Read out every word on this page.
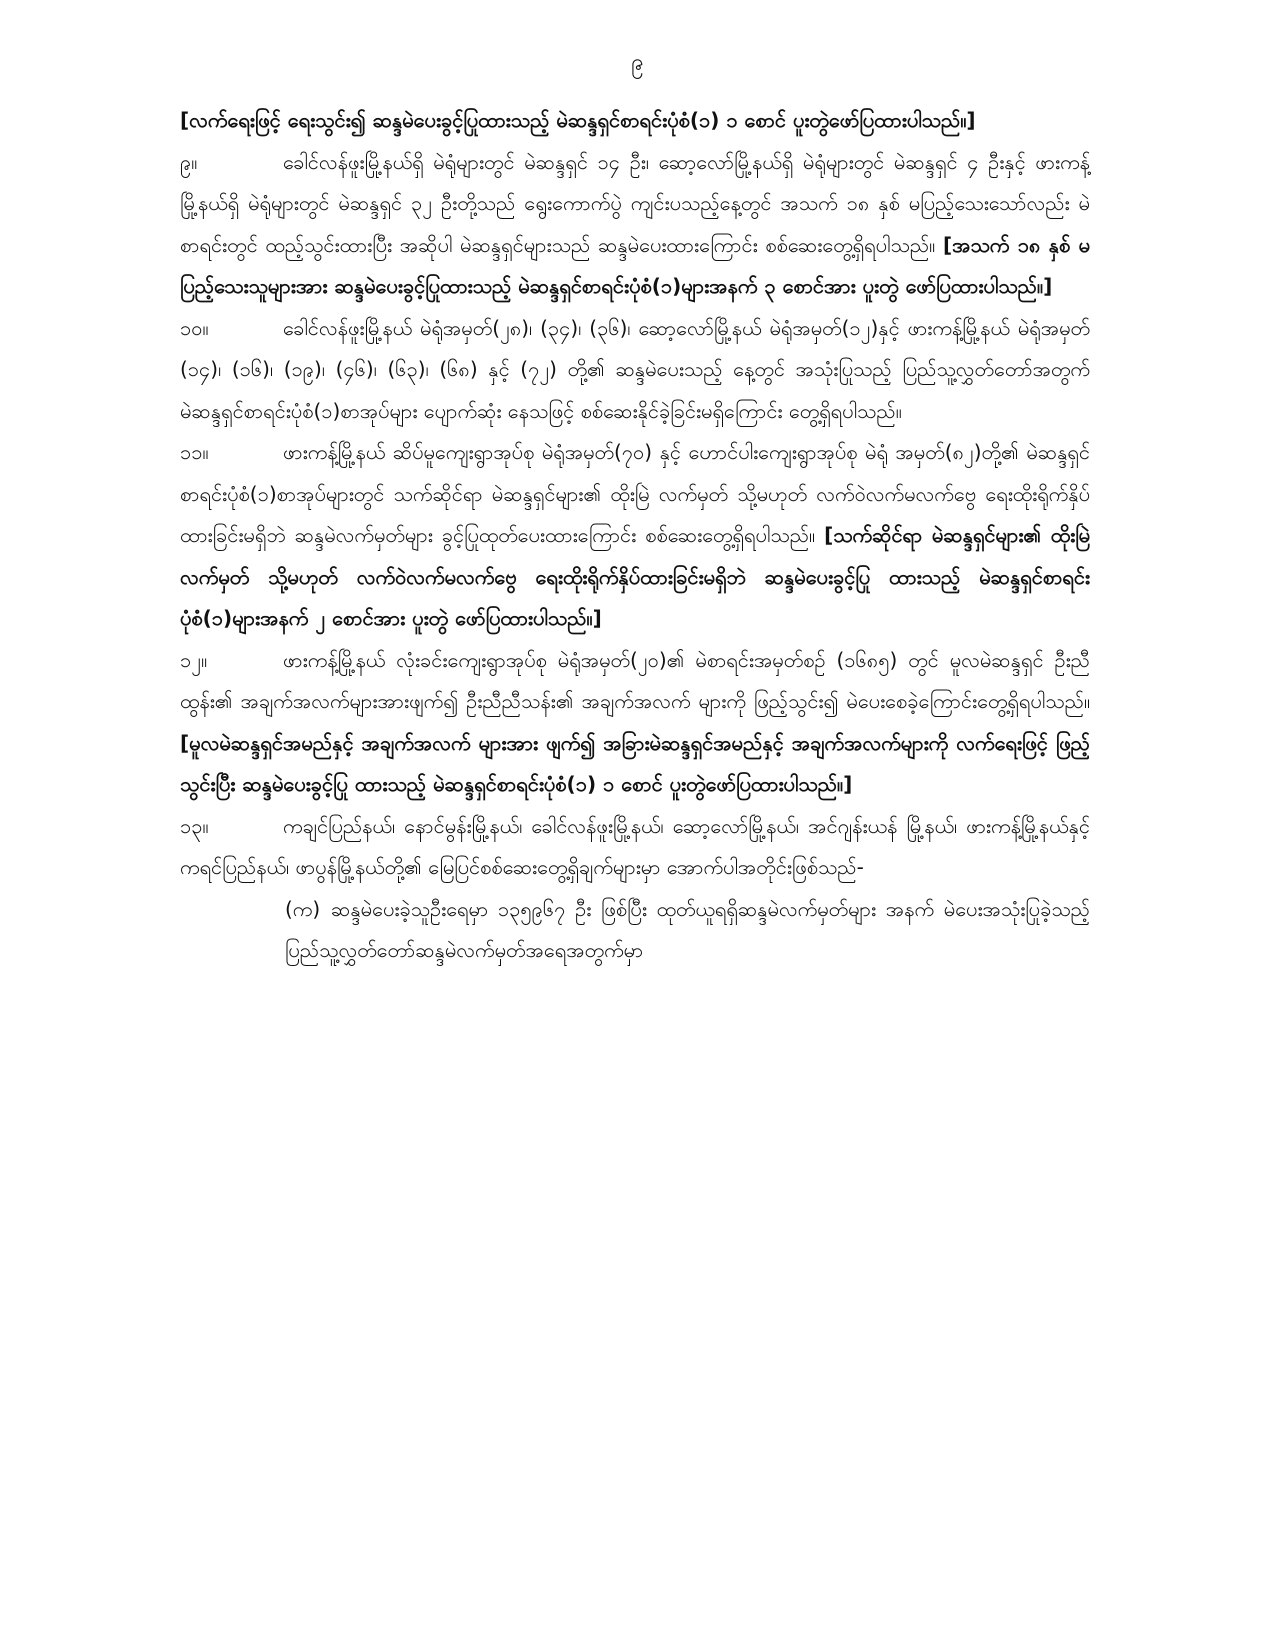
၉

[လက်ရေးဖြင့် ရေးသွင်း၍ ဆန္ဒမဲပေးခွင့်ပြုထားသည့် မဲဆန္ဒရှင်စာရင်းပုံစံ(၁) ၁ စောင် ပူးတွဲဖော်ပြထားပါသည်။]

၉။	ခေါင်လန်ဖူးမြို့နယ်ရှိ မဲရုံများတွင် မဲဆန္ဒရှင် ၁၄ ဦး၊ ဆော့လော်မြို့နယ်ရှိ မဲရုံများတွင် မဲဆန္ဒရှင် ၄ ဦးနှင့် ဖားကန့်မြို့နယ်ရှိ မဲရုံများတွင် မဲဆန္ဒရှင် ၃၂ ဦးတို့သည် ရွေးကောက်ပွဲ ကျင်းပသည့်နေ့တွင် အသက် ၁၈ နှစ် မပြည့်သေးသော်လည်း မဲစာရင်းတွင် ထည့်သွင်းထားပြီး အဆိုပါ မဲဆန္ဒရှင်များသည် ဆန္ဒမဲပေးထားကြောင်း စစ်ဆေးတွေ့ရှိရပါသည်။ [အသက် ၁၈ နှစ် မပြည့်သေးသူများအား ဆန္ဒမဲပေးခွင့်ပြုထားသည့် မဲဆန္ဒရှင်စာရင်းပုံစံ(၁)များအနက် ၃ စောင်အား ပူးတွဲ ဖော်ပြထားပါသည်။]

၁၀။	ခေါင်လန်ဖူးမြို့နယ် မဲရုံအမှတ်(၂၈)၊ (၃၄)၊ (၃၆)၊ ဆော့လော်မြို့နယ် မဲရုံအမှတ်(၁၂)နှင့် ဖားကန့်မြို့နယ် မဲရုံအမှတ် (၁၄)၊ (၁၆)၊ (၁၉)၊ (၄၆)၊ (၆၃)၊ (၆၈) နှင့် (၇၂) တို့၏ ဆန္ဒမဲပေးသည့် နေ့တွင် အသုံးပြုသည့် ပြည်သူ့လွှတ်တော်အတွက် မဲဆန္ဒရှင်စာရင်းပုံစံ(၁)စာအုပ်များ ပျောက်ဆုံး နေသဖြင့် စစ်ဆေးနိုင်ခဲ့ခြင်းမရှိကြောင်း တွေ့ရှိရပါသည်။

၁၁။	ဖားကန့်မြို့နယ် ဆိပ်မူကျေးရွာအုပ်စု မဲရုံအမှတ်(၇၀) နှင့် ဟောင်ပါးကျေးရွာအုပ်စု မဲရုံ အမှတ်(၈၂)တို့၏ မဲဆန္ဒရှင်စာရင်းပုံစံ(၁)စာအုပ်များတွင် သက်ဆိုင်ရာ မဲဆန္ဒရှင်များ၏ ထိုးမြဲ လက်မှတ် သို့မဟုတ် လက်ဝဲလက်မလက်ဗွေ ရေးထိုးရိုက်နှိပ်ထားခြင်းမရှိဘဲ ဆန္ဒမဲလက်မှတ်များ ခွင့်ပြုထုတ်ပေးထားကြောင်း စစ်ဆေးတွေ့ရှိရပါသည်။ [သက်ဆိုင်ရာ မဲဆန္ဒရှင်များ၏ ထိုးမြဲ လက်မှတ် သို့မဟုတ် လက်ဝဲလက်မလက်ဗွေ ရေးထိုးရိုက်နှိပ်ထားခြင်းမရှိဘဲ ဆန္ဒမဲပေးခွင့်ပြု ထားသည့် မဲဆန္ဒရှင်စာရင်းပုံစံ(၁)များအနက် ၂ စောင်အား ပူးတွဲ ဖော်ပြထားပါသည်။]

၁၂။	ဖားကန့်မြို့နယ် လုံးခင်းကျေးရွာအုပ်စု မဲရုံအမှတ်(၂၀)၏ မဲစာရင်းအမှတ်စဉ် (၁၆၈၅) တွင် မူလမဲဆန္ဒရှင် ဦးညီထွန်း၏ အချက်အလက်များအားဖျက်၍ ဦးညီညီသန်း၏ အချက်အလက် များကို ဖြည့်သွင်း၍ မဲပေးစေခဲ့ကြောင်းတွေ့ရှိရပါသည်။ [မူလမဲဆန္ဒရှင်အမည်နှင့် အချက်အလက် များအား ဖျက်၍ အခြားမဲဆန္ဒရှင်အမည်နှင့် အချက်အလက်များကို လက်ရေးဖြင့် ဖြည့်သွင်းပြီး ဆန္ဒမဲပေးခွင့်ပြု ထားသည့် မဲဆန္ဒရှင်စာရင်းပုံစံ(၁) ၁ စောင် ပူးတွဲဖော်ပြထားပါသည်။]

၁၃။	ကချင်ပြည်နယ်၊ နောင်မွန်းမြို့နယ်၊ ခေါင်လန်ဖူးမြို့နယ်၊ ဆော့လော်မြို့နယ်၊ အင်ဂျန်းယန် မြို့နယ်၊ ဖားကန့်မြို့နယ်နှင့် ကရင်ပြည်နယ်၊ ဖာပွန်မြို့နယ်တို့၏ မြေပြင်စစ်ဆေးတွေ့ရှိချက်များမှာ အောက်ပါအတိုင်းဖြစ်သည်-

(က) ဆန္ဒမဲပေးခဲ့သူဦးရေမှာ ၁၃၅၉၆၇ ဦး ဖြစ်ပြီး ထုတ်ယူရရှိဆန္ဒမဲလက်မှတ်များ အနက် မဲပေးအသုံးပြုခဲ့သည့် ပြည်သူ့လွှတ်တော်ဆန္ဒမဲလက်မှတ်အရေအတွက်မှာ
